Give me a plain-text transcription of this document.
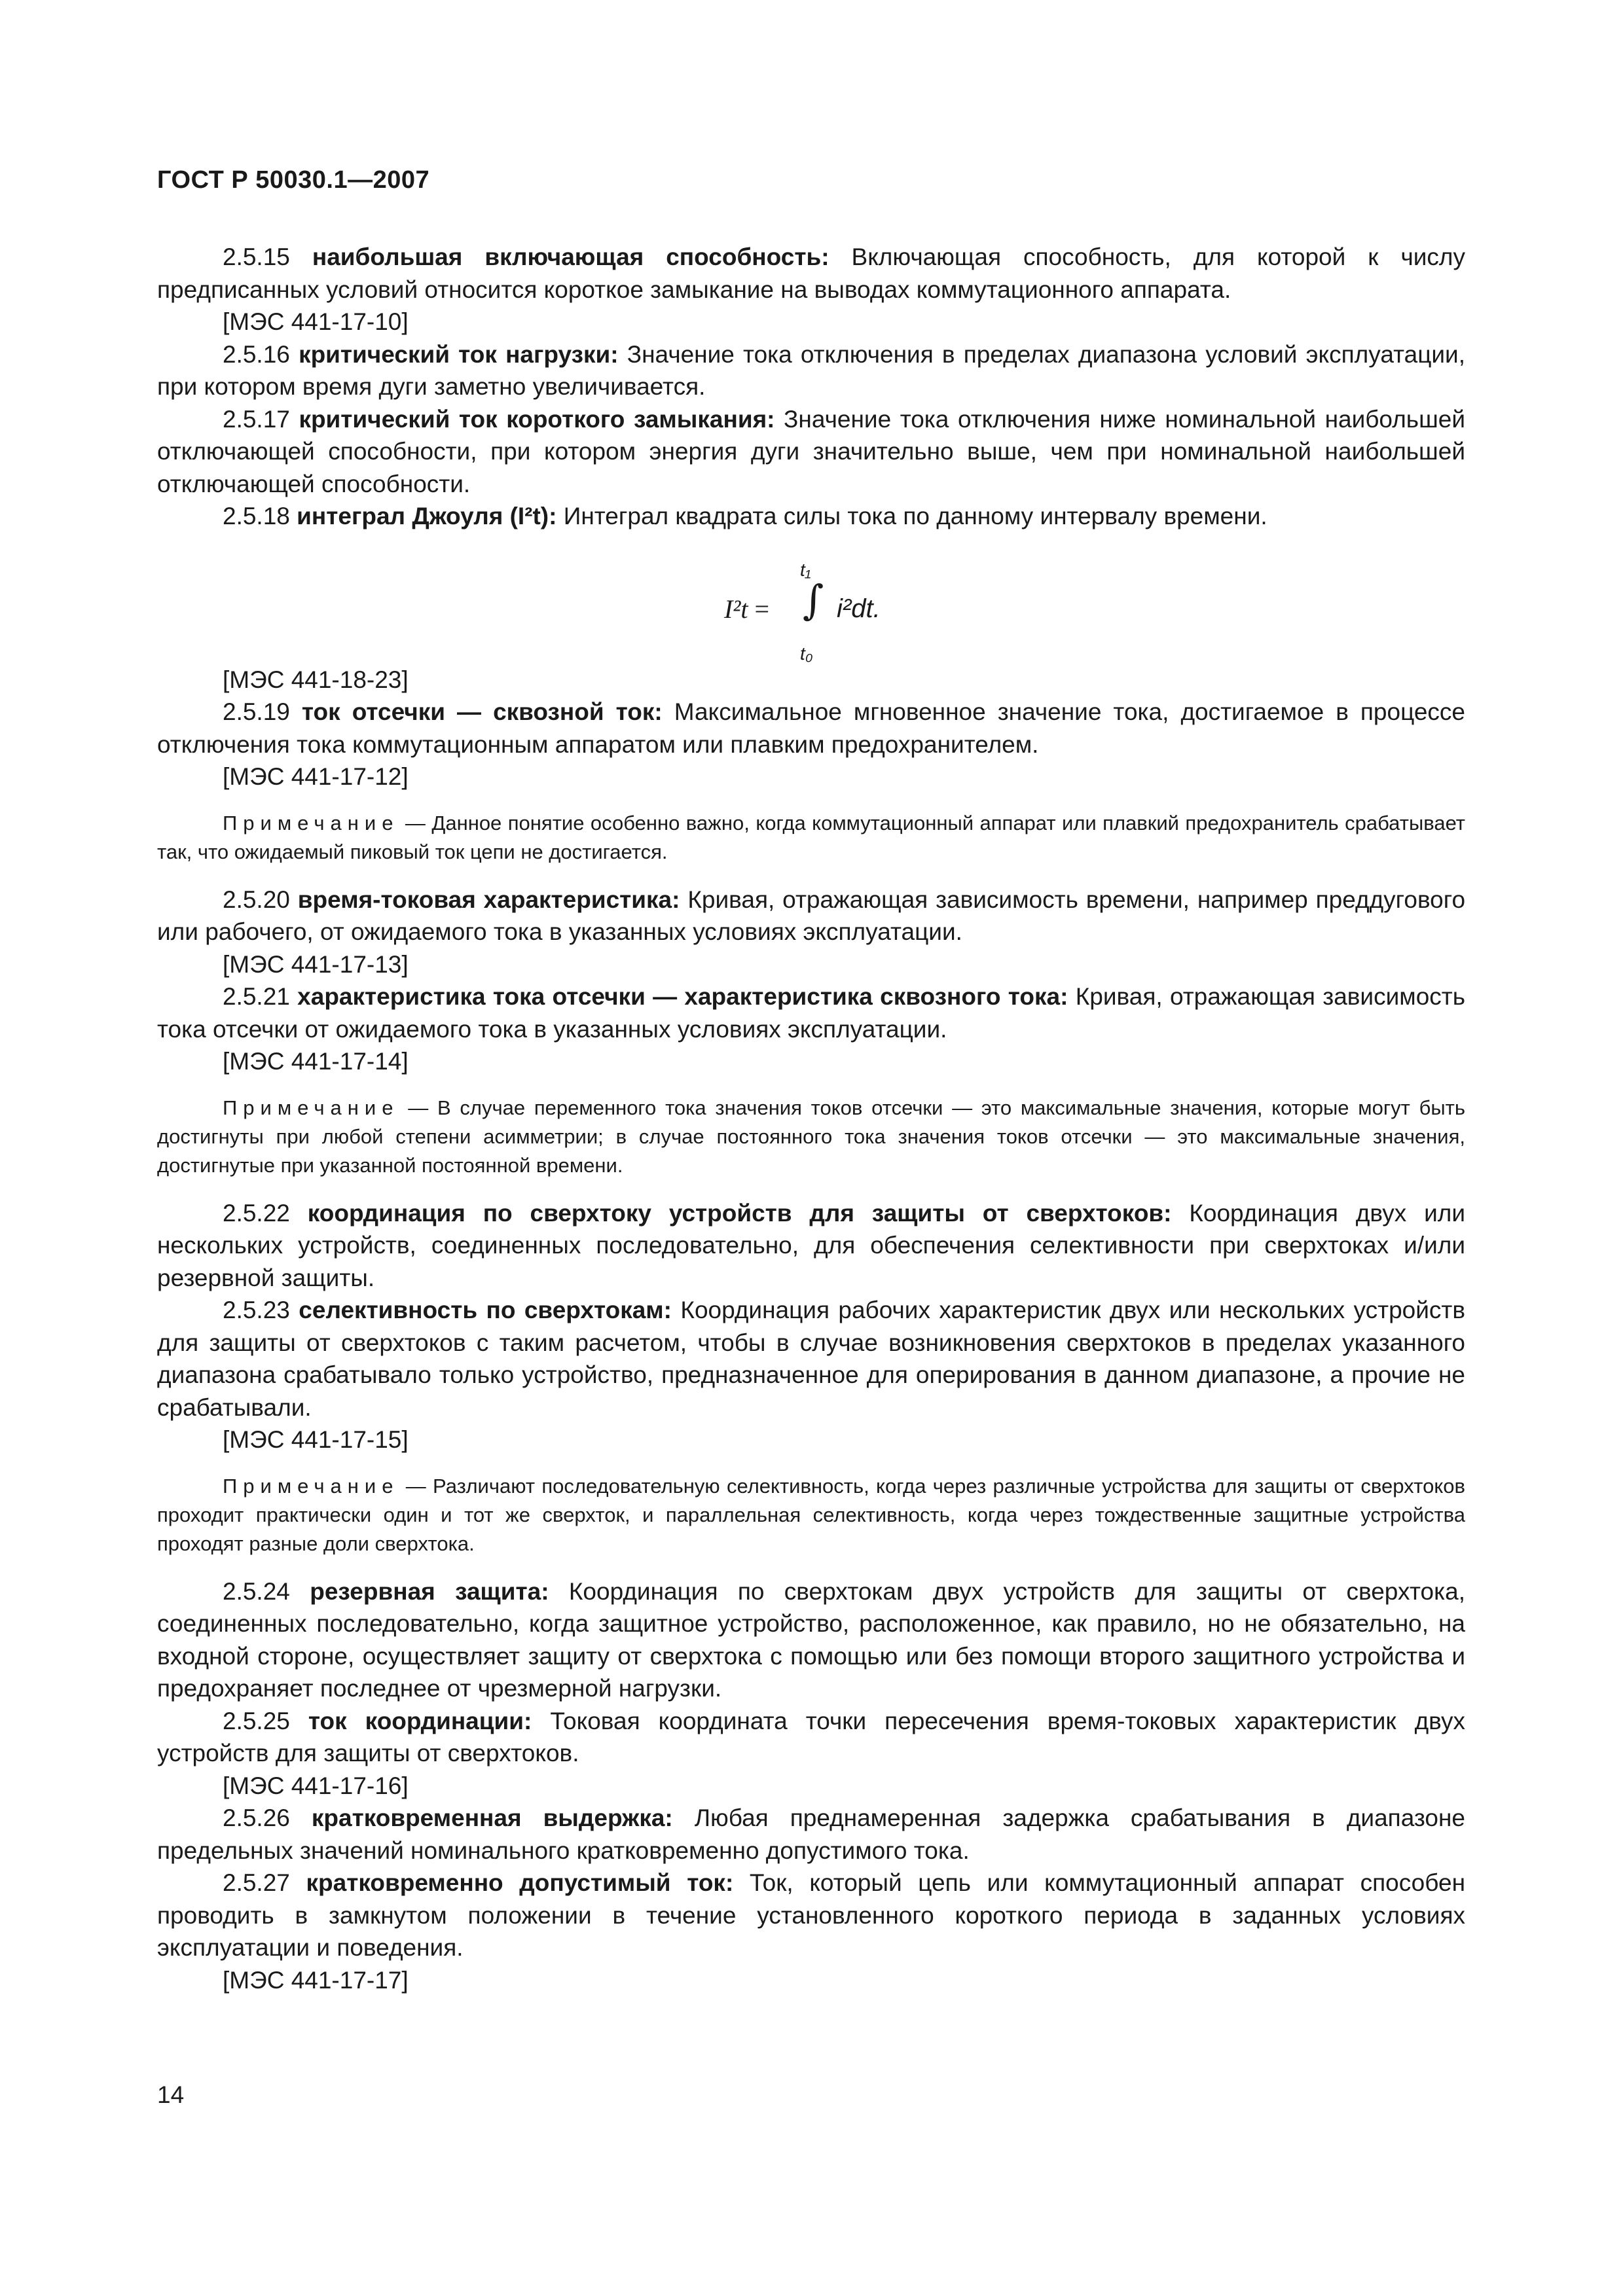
ГОСТ Р 50030.1—2007

2.5.15 наибольшая включающая способность: Включающая способность, для которой к числу предписанных условий относится короткое замыкание на выводах коммутационного аппарата.

[МЭС 441-17-10]

2.5.16 критический ток нагрузки: Значение тока отключения в пределах диапазона условий эксплуатации, при котором время дуги заметно увеличивается.

2.5.17 критический ток короткого замыкания: Значение тока отключения ниже номинальной наибольшей отключающей способности, при котором энергия дуги значительно выше, чем при номинальной наибольшей отключающей способности.

2.5.18 интеграл Джоуля (I²t): Интеграл квадрата силы тока по данному интервалу времени.

I²t =
t₁
∫
t₀
i²dt.

[МЭС 441-18-23]

2.5.19 ток отсечки — сквозной ток: Максимальное мгновенное значение тока, достигаемое в процессе отключения тока коммутационным аппаратом или плавким предохранителем.

[МЭС 441-17-12]

Примечание — Данное понятие особенно важно, когда коммутационный аппарат или плавкий предохранитель срабатывает так, что ожидаемый пиковый ток цепи не достигается.

2.5.20 время-токовая характеристика: Кривая, отражающая зависимость времени, например преддугового или рабочего, от ожидаемого тока в указанных условиях эксплуатации.

[МЭС 441-17-13]

2.5.21 характеристика тока отсечки — характеристика сквозного тока: Кривая, отражающая зависимость тока отсечки от ожидаемого тока в указанных условиях эксплуатации.

[МЭС 441-17-14]

Примечание — В случае переменного тока значения токов отсечки — это максимальные значения, которые могут быть достигнуты при любой степени асимметрии; в случае постоянного тока значения токов отсечки — это максимальные значения, достигнутые при указанной постоянной времени.

2.5.22 координация по сверхтоку устройств для защиты от сверхтоков: Координация двух или нескольких устройств, соединенных последовательно, для обеспечения селективности при сверхтоках и/или резервной защиты.

2.5.23 селективность по сверхтокам: Координация рабочих характеристик двух или нескольких устройств для защиты от сверхтоков с таким расчетом, чтобы в случае возникновения сверхтоков в пределах указанного диапазона срабатывало только устройство, предназначенное для оперирования в данном диапазоне, а прочие не срабатывали.

[МЭС 441-17-15]

Примечание — Различают последовательную селективность, когда через различные устройства для защиты от сверхтоков проходит практически один и тот же сверхток, и параллельная селективность, когда через тождественные защитные устройства проходят разные доли сверхтока.

2.5.24 резервная защита: Координация по сверхтокам двух устройств для защиты от сверхтока, соединенных последовательно, когда защитное устройство, расположенное, как правило, но не обязательно, на входной стороне, осуществляет защиту от сверхтока с помощью или без помощи второго защитного устройства и предохраняет последнее от чрезмерной нагрузки.

2.5.25 ток координации: Токовая координата точки пересечения время-токовых характеристик двух устройств для защиты от сверхтоков.

[МЭС 441-17-16]

2.5.26 кратковременная выдержка: Любая преднамеренная задержка срабатывания в диапазоне предельных значений номинального кратковременно допустимого тока.

2.5.27 кратковременно допустимый ток: Ток, который цепь или коммутационный аппарат способен проводить в замкнутом положении в течение установленного короткого периода в заданных условиях эксплуатации и поведения.

[МЭС 441-17-17]

14
